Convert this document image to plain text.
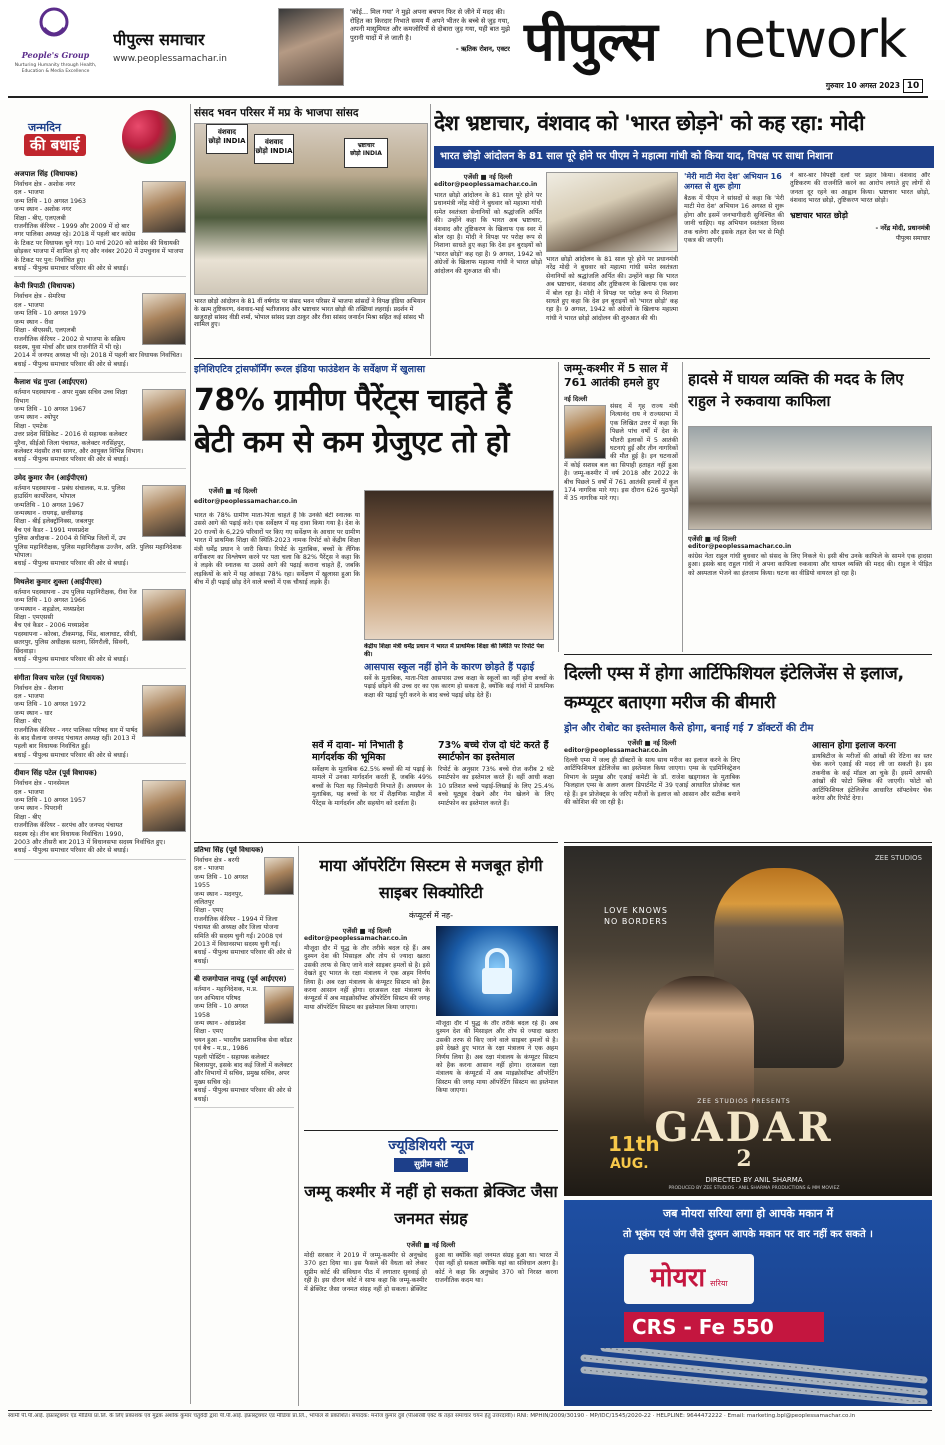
People's Group
Nurturing Humanity through Health, Education & Media Excellence
पीपुल्स समाचार
www.peoplessamachar.in
'कोई... मिल गया' ने मुझे अपना बचपन फिर से जीने में मदद की। रोहित का किरदार निभाते समय मैं अपने भीतर के बच्चे से जुड़ गया, अपनी मासूमियत और कमजोरियों से दोबारा जुड़ गया, यही बात मुझे पुरानी यादों में ले जाती है।
- ऋतिक रोशन, एक्टर पीपुल्स network
गुरुवार 10 अगस्त 2023 10
जन्मदिन
की बधाई
अजपाल सिंह (विधायक)
निर्वाचन क्षेत्र - अशोक नगर
दल - भाजपा
जन्म तिथि - 10 अगस्त 1963
जन्म स्थान - अशोक नगर
शिक्षा - बीए, एलएलबी
राजनीतिक कॅरियर - 1999 और 2009 में दो बार नगर पालिका अध्यक्ष रहे। 2018 में पहली बार कांग्रेस के टिकट पर विधायक चुने गए। 10 मार्च 2020 को कांग्रेस की विधायकी छोड़कर भाजपा में शामिल हो गए और नवंबर 2020 में उपचुनाव में भाजपा के टिकट पर पुन: निर्वाचित हुए।
बधाई - पीपुल्स समाचार परिवार की ओर से बधाई।
केपी त्रिपाठी (विधायक)
निर्वाचन क्षेत्र - सेमरिया
दल - भाजपा
जन्म तिथि - 10 अगस्त 1979
जन्म स्थान - रीवा
शिक्षा - बीएससी, एलएलबी
राजनीतिक कॅरियर - 2002 से भाजपा के सक्रिय सदस्य, युवा मोर्चा और छात्र राजनीति में भी रहे। 2014 में जनपद अध्यक्ष भी रहे। 2018 में पहली बार विधायक निर्वाचित।
बधाई - पीपुल्स समाचार परिवार की ओर से बधाई।
कैलाश चंद्र गुप्ता (आईएएस)
वर्तमान पदस्थापना - अपर मुख्य सचिव उच्च शिक्षा विभाग
जन्म तिथि - 10 अगस्त 1967
जन्म स्थान - श्योपुर
शिक्षा - एमटेक
उत्तर प्रदेश सिंडिकेट - 2016 से सहायक कलेक्टर मुरैना, सीईओ जिला पंचायत, कलेक्टर नरसिंहपुर, कलेक्टर मंदसौर तथा सागर, और आयुक्त विभिन्न विभाग।
बधाई - पीपुल्स समाचार परिवार की ओर से बधाई।
उमेद कुमार जैन (आईपीएस)
वर्तमान पदस्थापना - प्रबंध संचालक, म.प्र. पुलिस हाउसिंग कार्पोरेशन, भोपाल
जन्मतिथि - 10 अगस्त 1967
जन्मस्थान - रायगढ़, छत्तीसगढ़
शिक्षा - बीई इलेक्ट्रॉनिक्स, जबलपुर
बैच एवं कैडर - 1991 मध्यप्रदेश
पुलिस अधीक्षक - 2004 से विभिन्न जिलों में, उप पुलिस महानिरीक्षक, पुलिस महानिरीक्षक उज्जैन, अति. पुलिस महानिदेशक भोपाल।
बधाई - पीपुल्स समाचार परिवार की ओर से बधाई।
मिथलेश कुमार शुक्ला (आईपीएस)
वर्तमान पदस्थापना - उप पुलिस महानिरीक्षक, रीवा रेंज
जन्म तिथि - 10 अगस्त 1966
जन्मस्थान - शहडोल, मध्यप्रदेश
शिक्षा - एमएससी
बैच एवं कैडर - 2006 मध्यप्रदेश
पदस्थापना - कोरबा, टीकमगढ़, भिंड, बालाघाट, सीधी, छतरपुर, पुलिस अधीक्षक सतना, सिंगरौली, सिवनी, छिंदवाड़ा।
बधाई - पीपुल्स समाचार परिवार की ओर से बधाई।
संगीता विजय चारेल (पूर्व विधायक)
निर्वाचन क्षेत्र - सैलाना
दल - भाजपा
जन्म तिथि - 10 अगस्त 1972
जन्म स्थान - धार
शिक्षा - बीए
राजनीतिक कॅरियर - नगर पालिका परिषद धार में पार्षद के बाद सैलाना जनपद पंचायत अध्यक्ष रहीं। 2013 में पहली बार विधायक निर्वाचित हुईं।
बधाई - पीपुल्स समाचार परिवार की ओर से बधाई।
दीवान सिंह पटेल (पूर्व विधायक)
निर्वाचन क्षेत्र - पानसेमल
दल - भाजपा
जन्म तिथि - 10 अगस्त 1957
जन्म स्थान - पिपरानी
शिक्षा - बीए
राजनीतिक कॅरियर - सरपंच और जनपद पंचायत सदस्य रहे। तीन बार विधायक निर्वाचित। 1990, 2003 और तीसरी बार 2013 में विधानसभा सदस्य निर्वाचित हुए।
बधाई - पीपुल्स समाचार परिवार की ओर से बधाई।
संसद भवन परिसर में मप्र के भाजपा सांसद
वंशवाद
छोड़ो INDIA	वंशवाद
छोड़ो INDIA
भ्रष्टाचार
छोड़ो INDIA
भारत छोड़ो आंदोलन के 81 वीं वर्षगांठ पर संसद भवन परिसर में भाजपा सांसदों ने विपक्ष इंडिया अभियान के खत्म तुष्टिकरण, वंशवाद-भाई भतीजावाद और भ्रष्टाचार भारत छोड़ो की तख्तियां लहराई। प्रदर्शन में खजुराहो सांसद वीडी शर्मा, भोपाल सांसद प्रज्ञा ठाकुर और रीवा सांसद जनार्दन मिश्रा सहित कई सांसद भी शामिल हुए।
देश भ्रष्टाचार, वंशवाद को 'भारत छोड़ने' को कह रहा: मोदी
भारत छोड़ो आंदोलन के 81 साल पूरे होने पर पीएम ने महात्मा गांधी को किया याद, विपक्ष पर साधा निशाना
एजेंसी ■ नई दिल्ली
editor@peoplessamachar.co.in
भारत छोड़ो आंदोलन के 81 साल पूरे होने पर प्रधानमंत्री नरेंद्र मोदी ने बुधवार को महात्मा गांधी समेत स्वतंत्रता सेनानियों को श्रद्धांजलि अर्पित की। उन्होंने कहा कि भारत अब भ्रष्टाचार, वंशवाद और तुष्टिकरण के खिलाफ एक स्वर में बोल रहा है। मोदी ने विपक्ष पर परोक्ष रूप से निशाना साधते हुए कहा कि देश इन बुराइयों को 'भारत छोड़ो' कह रहा है। 9 अगस्त, 1942 को अंग्रेजों के खिलाफ महात्मा गांधी ने भारत छोड़ो आंदोलन की शुरुआत की थी।
भारत छोड़ो आंदोलन के 81 साल पूरे होने पर प्रधानमंत्री नरेंद्र मोदी ने बुधवार को महात्मा गांधी समेत स्वतंत्रता सेनानियों को श्रद्धांजलि अर्पित की। उन्होंने कहा कि भारत अब भ्रष्टाचार, वंशवाद और तुष्टिकरण के खिलाफ एक स्वर में बोल रहा है। मोदी ने विपक्ष पर परोक्ष रूप से निशाना साधते हुए कहा कि देश इन बुराइयों को 'भारत छोड़ो' कह रहा है। 9 अगस्त, 1942 को अंग्रेजों के खिलाफ महात्मा गांधी ने भारत छोड़ो आंदोलन की शुरुआत की थी।
'मेरी माटी मेरा देश' अभियान 16 अगस्त से शुरू होगा
बैठक में पीएम ने सांसदों से कहा कि 'मेरी माटी मेरा देश' अभियान 16 अगस्त से शुरू होगा और इसमें जनभागीदारी सुनिश्चित की जानी चाहिए। यह अभियान स्वतंत्रता दिवस तक चलेगा और इसके तहत देश भर से मिट्टी एकत्र की जाएगी।
ने बार-बार विपक्षी दलों पर प्रहार किया। वंशवाद और तुष्टिकरण की राजनीति करने का आरोप लगाते हुए लोगों से जनता दूर रहने का आह्वान किया। भ्रष्टाचार भारत छोड़ो, वंशवाद भारत छोड़ो, तुष्टिकरण भारत छोड़ो।
भ्रष्टाचार भारत छोड़ो
- नरेंद्र मोदी, प्रधानमंत्री
पीपुल्स समाचार
इनिशिएटिव ट्रांसफॉर्मिंग रूरल इंडिया फाउंडेशन के सर्वेक्षण में खुलासा
78% ग्रामीण पैरेंट्स चाहते हैं बेटी कम से कम ग्रेजुएट तो हो
एजेंसी ■ नई दिल्ली
editor@peoplessamachar.co.in
भारत के 78% ग्रामीण माता-पिता चाहते हैं कि उनकी बेटी स्नातक या उससे आगे की पढ़ाई करे। एक सर्वेक्षण में यह दावा किया गया है। देश के 20 राज्यों के 6,229 परिवारों पर किए गए सर्वेक्षण के आधार पर ग्रामीण भारत में प्राथमिक शिक्षा की स्थिति-2023 नामक रिपोर्ट को केंद्रीय शिक्षा मंत्री धर्मेंद्र प्रधान ने जारी किया। रिपोर्ट के मुताबिक, बच्चों के लैंगिक वर्गीकरण का विश्लेषण करने पर पता चला कि 82% पैरेंट्स ने कहा कि वे लड़के की स्नातक या उससे आगे की पढ़ाई कराना चाहते हैं, जबकि लड़कियों के बारे में यह आंकड़ा 78% रहा। सर्वेक्षण में खुलासा हुआ कि बीच में ही पढ़ाई छोड़ देने वाले बच्चों में एक चौथाई लड़के हैं।
केंद्रीय शिक्षा मंत्री धर्मेंद्र प्रधान ने भारत में प्राथमिक शिक्षा की स्थिति पर रिपोर्ट पेश की।
आसपास स्कूल नहीं होने के कारण छोड़ते हैं पढ़ाई
सर्वे के मुताबिक, माता-पिता आसपास उच्च कक्षा के स्कूलों का नहीं होना बच्चों के पढ़ाई छोड़ने की उच्च दर का एक कारण हो सकता है, क्योंकि कई गांवों में प्राथमिक कक्षा की पढ़ाई पूरी करने के बाद बच्चे पढ़ाई छोड़ देते हैं।
सर्वे में दावा- मां निभाती है मार्गदर्शक की भूमिका
सर्वेक्षण के मुताबिक 62.5% बच्चों की मां पढ़ाई के मामले में उनका मार्गदर्शन करती हैं, जबकि 49% बच्चों के पिता यह जिम्मेदारी निभाते हैं। अध्ययन के मुताबिक, यह बच्चों के घर में शैक्षणिक माहौल में पैरेंट्स के मार्गदर्शन और सहयोग को दर्शाता है।
73% बच्चे रोज दो घंटे करते हैं स्मार्टफोन का इस्तेमाल
रिपोर्ट के अनुसार 73% बच्चे रोज करीब 2 घंटे स्मार्टफोन का इस्तेमाल करते हैं। वहीं आधी कक्षा 10 प्रतिशत बच्चे पढ़ाई-लिखाई के लिए 25.4% बच्चे यूट्यूब देखने और गेम खेलने के लिए स्मार्टफोन का इस्तेमाल करते हैं।
जम्मू-कश्मीर में 5 साल में 761 आतंकी हमले हुए
नई दिल्ली
संसद में गृह राज्य मंत्री नित्यानंद राय ने राज्यसभा में एक लिखित उत्तर में कहा कि पिछले पांच वर्षों में देश के भीतरी इलाकों में 5 आतंकी घटनाएं हुईं और तीन नागरिकों की मौत हुई है। इन घटनाओं में कोई सशस्त्र बल का सिपाही हताहत नहीं हुआ है। जम्मू-कश्मीर में वर्ष 2018 और 2022 के बीच पिछले 5 वर्षों में 761 आतंकी हमलों में कुल 174 नागरिक मारे गए। इस दौरान 626 मुठभेड़ों में 35 नागरिक मारे गए।
हादसे में घायल व्यक्ति की मदद के लिए राहुल ने रुकवाया काफिला
एजेंसी ■ नई दिल्ली
editor@peoplessamachar.co.in
कांग्रेस नेता राहुल गांधी बुधवार को संसद के लिए निकले थे। इसी बीच उनके काफिले के सामने एक हादसा हुआ। इसके बाद राहुल गांधी ने अपना काफिला रुकवाया और घायल व्यक्ति की मदद की। राहुल ने पीड़ित को अस्पताल भेजने का इंतजाम किया। घटना का वीडियो वायरल हो रहा है।
दिल्ली एम्स में होगा आर्टिफिशियल इंटेलिजेंस से इलाज, कम्प्यूटर बताएगा मरीज की बीमारी
ड्रोन और रोबोट का इस्तेमाल कैसे होगा, बनाई गई 7 डॉक्टरों की टीम
एजेंसी ■ नई दिल्ली
editor@peoplessamachar.co.in
दिल्ली एम्स में जल्द ही डॉक्टरों के साथ साथ मरीज का इलाज करने के लिए आर्टिफिशियल इंटेलिजेंस का इस्तेमाल किया जाएगा। एम्स के एडमिनिस्ट्रेशन विभाग के प्रमुख और एआई कमेटी के डॉ. राजेश खड्गावत के मुताबिक फिलहाल एम्स के अलग अलग डिपार्टमेंट में 39 एआई आधारित प्रोजेक्ट चल रहे हैं। इन प्रोजेक्ट्स के जरिए मरीजों के इलाज को आसान और सटीक बनाने की कोशिश की जा रही है।
आसान होगा इलाज करना
डायबिटीज के मरीजों की आंखों की रेटिना का स्तर चेक करने एआई की मदद ली जा सकती है। इस तकनीक के कई मॉडल आ चुके हैं। इसमें आपकी आंखों की फोटो क्लिक की जाएगी। फोटो को आर्टिफिशियल इंटेलिजेंस आधारित सॉफ्टवेयर चेक करेगा और रिपोर्ट देगा।
प्रतिभा सिंह (पूर्व विधायक)
निर्वाचन क्षेत्र - बरगी
दल - भाजपा
जन्म तिथि - 10 अगस्त 1955
जन्म स्थान - मदनपुर, ललितपुर
शिक्षा - एमए
राजनीतिक कॅरियर - 1994 में जिला पंचायत की अध्यक्ष और जिला योजना समिति की सदस्य चुनी गईं। 2008 एवं 2013 में विधानसभा सदस्य चुनी गईं।
बधाई - पीपुल्स समाचार परिवार की ओर से बधाई।
बी राजगोपाल नायडू (पूर्व आईएएस)
वर्तमान - महानिदेशक, म.प्र. जन अभियान परिषद
जन्म तिथि - 10 अगस्त 1958
जन्म स्थान - आंध्रप्रदेश
शिक्षा - एमए
चयन हुआ - भारतीय प्रशासनिक सेवा कॉडर एवं बैच - म.प्र., 1986
पहली पोस्टिंग - सहायक कलेक्टर बिलासपुर, इसके बाद कई जिलों में कलेक्टर और विभागों में सचिव, प्रमुख सचिव, अपर मुख्य सचिव रहे।
बधाई - पीपुल्स समाचार परिवार की ओर से बधाई।
माया ऑपरेटिंग सिस्टम से मजबूत होगी साइबर सिक्योरिटी
कंप्यूटर्स में नह-
एजेंसी ■ नई दिल्ली
editor@peoplessamachar.co.in
मौजूदा दौर में युद्ध के तौर तरीके बदल रहे हैं। अब दुश्मन देश की मिसाइल और तोप से ज्यादा खतरा उसकी तरफ से किए जाने वाले साइबर हमलों से है। इसे देखते हुए भारत के रक्षा मंत्रालय ने एक अहम निर्णय लिया है। अब रक्षा मंत्रालय के कंप्यूटर सिस्टम को हैक करना आसान नहीं होगा। दरअसल रक्षा मंत्रालय के कंप्यूटर्स में अब माइक्रोसॉफ्ट ऑपरेटिंग सिस्टम की जगह माया ऑपरेटिंग सिस्टम का इस्तेमाल किया जाएगा।
मौजूदा दौर में युद्ध के तौर तरीके बदल रहे हैं। अब दुश्मन देश की मिसाइल और तोप से ज्यादा खतरा उसकी तरफ से किए जाने वाले साइबर हमलों से है। इसे देखते हुए भारत के रक्षा मंत्रालय ने एक अहम निर्णय लिया है। अब रक्षा मंत्रालय के कंप्यूटर सिस्टम को हैक करना आसान नहीं होगा। दरअसल रक्षा मंत्रालय के कंप्यूटर्स में अब माइक्रोसॉफ्ट ऑपरेटिंग सिस्टम की जगह माया ऑपरेटिंग सिस्टम का इस्तेमाल किया जाएगा।
ज्यूडिशियरी न्यूज
सुप्रीम कोर्ट
जम्मू कश्मीर में नहीं हो सकता ब्रेक्जिट जैसा जनमत संग्रह
एजेंसी ■ नई दिल्ली
मोदी सरकार ने 2019 में जम्मू-कश्मीर से अनुच्छेद 370 हटा दिया था। इस फैसले की वैधता को लेकर सुप्रीम कोर्ट की संविधान पीठ में लगातार सुनवाई हो रही है। इस दौरान कोर्ट ने साफ कहा कि जम्मू-कश्मीर में ब्रेक्जिट जैसा जनमत संग्रह नहीं हो सकता। ब्रेक्जिट हुआ था क्योंकि वहां जनमत संग्रह हुआ था। भारत में ऐसा नहीं हो सकता क्योंकि यहां का संविधान अलग है। कोर्ट ने कहा कि अनुच्छेद 370 को निरस्त करना राजनीतिक कदम था।
ZEE STUDIOS
LOVE KNOWS
NO BORDERS
ZEE STUDIOS PRESENTS
GADAR
2
11th
AUG.
DIRECTED BY ANIL SHARMA
PRODUCED BY ZEE STUDIOS · ANIL SHARMA PRODUCTIONS & MM MOVIEZ
जब मोयरा सरिया लगा हो आपके मकान में
तो भूकंप एवं जंग जैसे दुश्मन आपके मकान पर वार नहीं कर सकते ।
मोयरा सरिया
CRS - Fe 550
स्वामी पी.पी.आई. इंफ्रास्ट्रक्चर एंड मीडिया प्रा.लि. के लिए प्रकाशक एवं मुद्रक अशोक कुमार चतुर्वेदी द्वारा पी.पी.आई. इंफ्रास्ट्रक्चर एंड मीडिया प्रा.लि., भोपाल से प्रकाशित। संपादक: मनोज कुमार दुबे (पीआरबी एक्ट के तहत समाचार चयन हेतु उत्तरदायी)। RNI: MPHIN/2009/30190 · MP/IDC/1545/2020-22 · HELPLINE: 9644472222 · Email: marketing.bpl@peoplessamachar.co.in
